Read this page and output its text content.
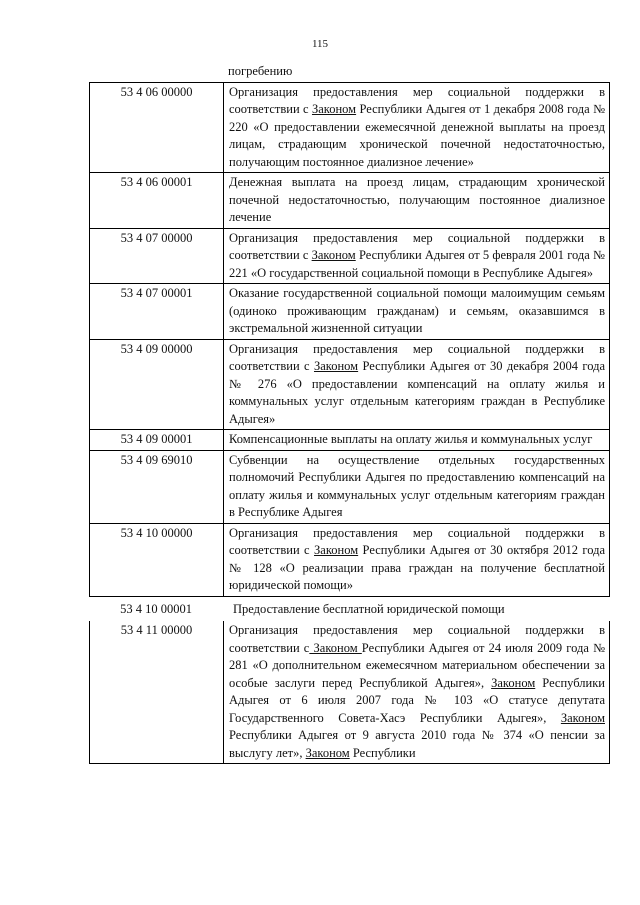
115
погребению
53 4 06 00000	Организация предоставления мер социальной поддержки в соответствии с Законом Республики Адыгея от 1 декабря 2008 года № 220 «О предоставлении ежемесячной денежной выплаты на проезд лицам, страдающим хронической почечной недостаточностью, получающим постоянное диализное лечение»
53 4 06 00001	Денежная выплата на проезд лицам, страдающим хронической почечной недостаточностью, получающим постоянное диализное лечение
53 4 07 00000	Организация предоставления мер социальной поддержки в соответствии с Законом Республики Адыгея от 5 февраля 2001 года № 221 «О государственной социальной помощи в Республике Адыгея»
53 4 07 00001	Оказание государственной социальной помощи малоимущим семьям (одиноко проживающим гражданам) и семьям, оказавшимся в экстремальной жизненной ситуации
53 4 09 00000	Организация предоставления мер социальной поддержки в соответствии с Законом Республики Адыгея от 30 декабря 2004 года № 276 «О предоставлении компенсаций на оплату жилья и коммунальных услуг отдельным категориям граждан в Республике Адыгея»
53 4 09 00001	Компенсационные выплаты на оплату жилья и коммунальных услуг
53 4 09 69010	Субвенции на осуществление отдельных государственных полномочий Республики Адыгея по предоставлению компенсаций на оплату жилья и коммунальных услуг отдельным категориям граждан в Республике Адыгея
53 4 10 00000	Организация предоставления мер социальной поддержки в соответствии с Законом Республики Адыгея от 30 октября 2012 года № 128 «О реализации права граждан на получение бесплатной юридической помощи»
53 4 10 00001	Предоставление бесплатной юридической помощи
53 4 11 00000	Организация предоставления мер социальной поддержки в соответствии с Законом Республики Адыгея от 24 июля 2009 года № 281 «О дополнительном ежемесячном материальном обеспечении за особые заслуги перед Республикой Адыгея», Законом Республики Адыгея от 6 июля 2007 года № 103 «О статусе депутата Государственного Совета-Хасэ Республики Адыгея», Законом Республики Адыгея от 9 августа 2010 года № 374 «О пенсии за выслугу лет», Законом Республики
